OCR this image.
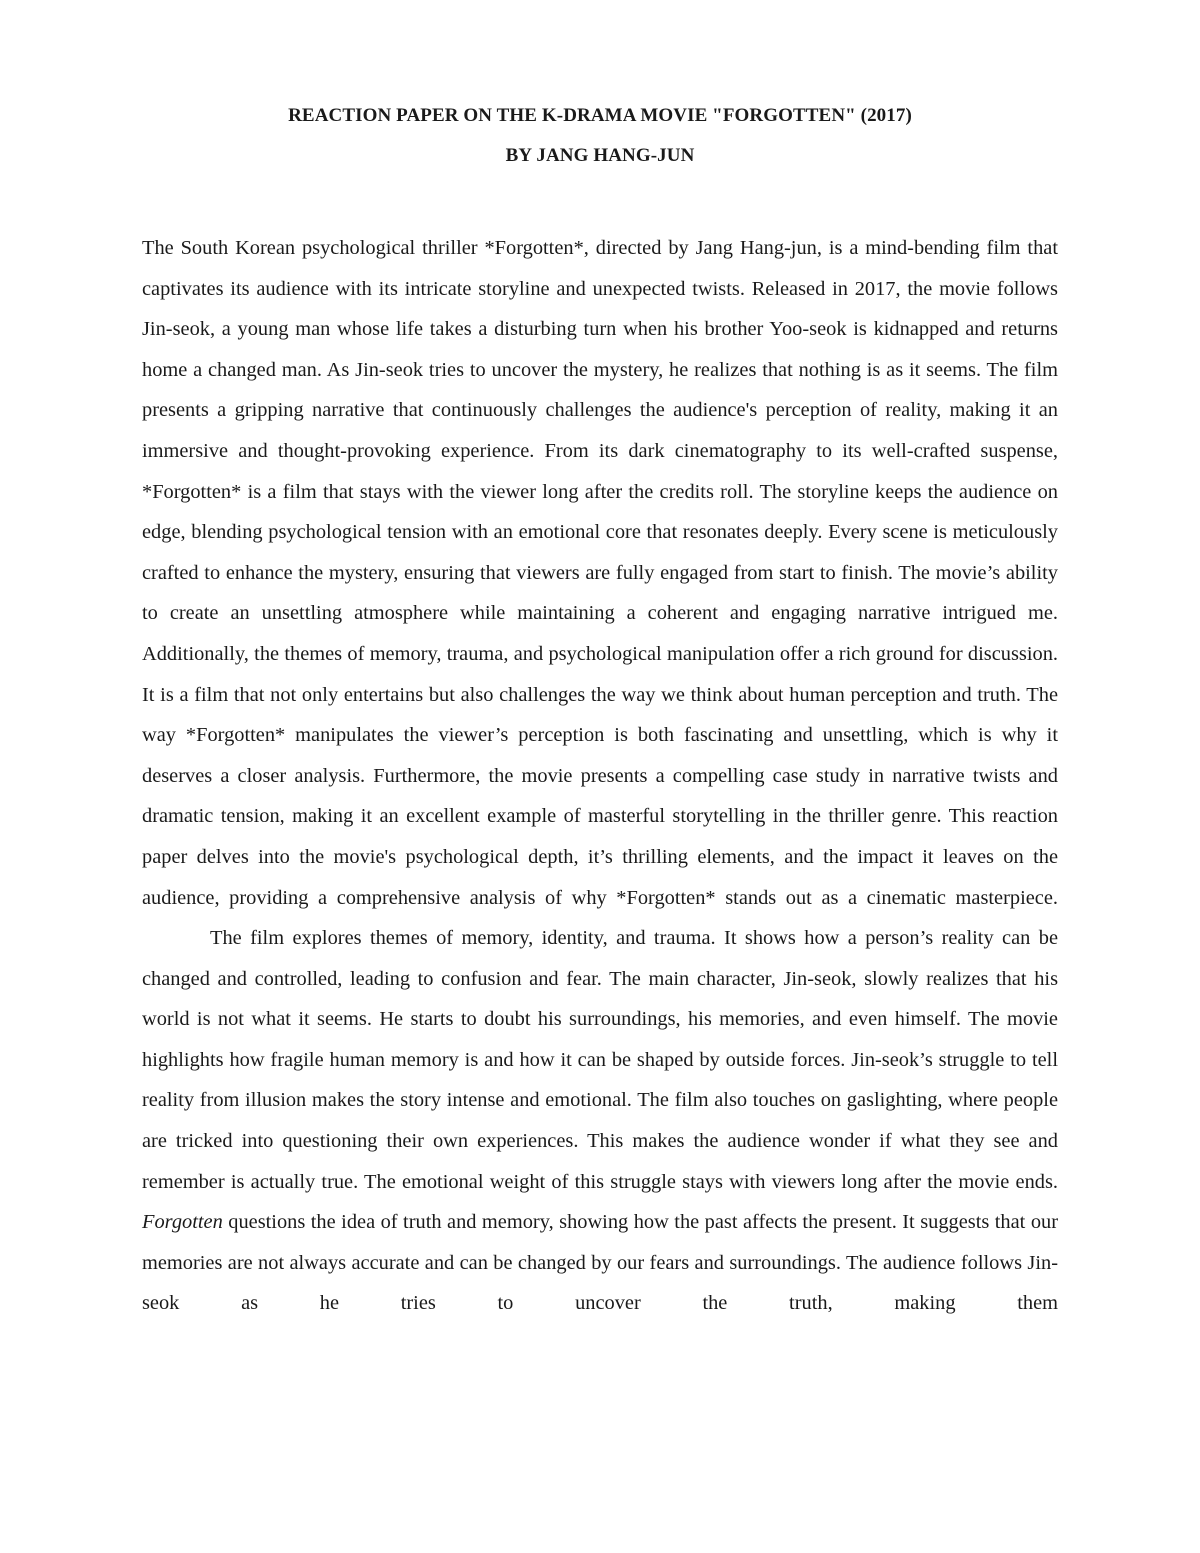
REACTION PAPER ON THE K-DRAMA MOVIE "FORGOTTEN" (2017)
BY JANG HANG-JUN

The South Korean psychological thriller *Forgotten*, directed by Jang Hang-jun, is a mind-bending film that captivates its audience with its intricate storyline and unexpected twists. Released in 2017, the movie follows Jin-seok, a young man whose life takes a disturbing turn when his brother Yoo-seok is kidnapped and returns home a changed man. As Jin-seok tries to uncover the mystery, he realizes that nothing is as it seems. The film presents a gripping narrative that continuously challenges the audience's perception of reality, making it an immersive and thought-provoking experience. From its dark cinematography to its well-crafted suspense, *Forgotten* is a film that stays with the viewer long after the credits roll. The storyline keeps the audience on edge, blending psychological tension with an emotional core that resonates deeply. Every scene is meticulously crafted to enhance the mystery, ensuring that viewers are fully engaged from start to finish. The movie’s ability to create an unsettling atmosphere while maintaining a coherent and engaging narrative intrigued me. Additionally, the themes of memory, trauma, and psychological manipulation offer a rich ground for discussion. It is a film that not only entertains but also challenges the way we think about human perception and truth. The way *Forgotten* manipulates the viewer’s perception is both fascinating and unsettling, which is why it deserves a closer analysis. Furthermore, the movie presents a compelling case study in narrative twists and dramatic tension, making it an excellent example of masterful storytelling in the thriller genre. This reaction paper delves into the movie's psychological depth, it’s thrilling elements, and the impact it leaves on the audience, providing a comprehensive analysis of why *Forgotten* stands out as a cinematic masterpiece.

The film explores themes of memory, identity, and trauma. It shows how a person’s reality can be changed and controlled, leading to confusion and fear. The main character, Jin-seok, slowly realizes that his world is not what it seems. He starts to doubt his surroundings, his memories, and even himself. The movie highlights how fragile human memory is and how it can be shaped by outside forces. Jin-seok’s struggle to tell reality from illusion makes the story intense and emotional. The film also touches on gaslighting, where people are tricked into questioning their own experiences. This makes the audience wonder if what they see and remember is actually true. The emotional weight of this struggle stays with viewers long after the movie ends. Forgotten questions the idea of truth and memory, showing how the past affects the present. It suggests that our memories are not always accurate and can be changed by our fears and surroundings. The audience follows Jin-seok as he tries to uncover the truth, making them
